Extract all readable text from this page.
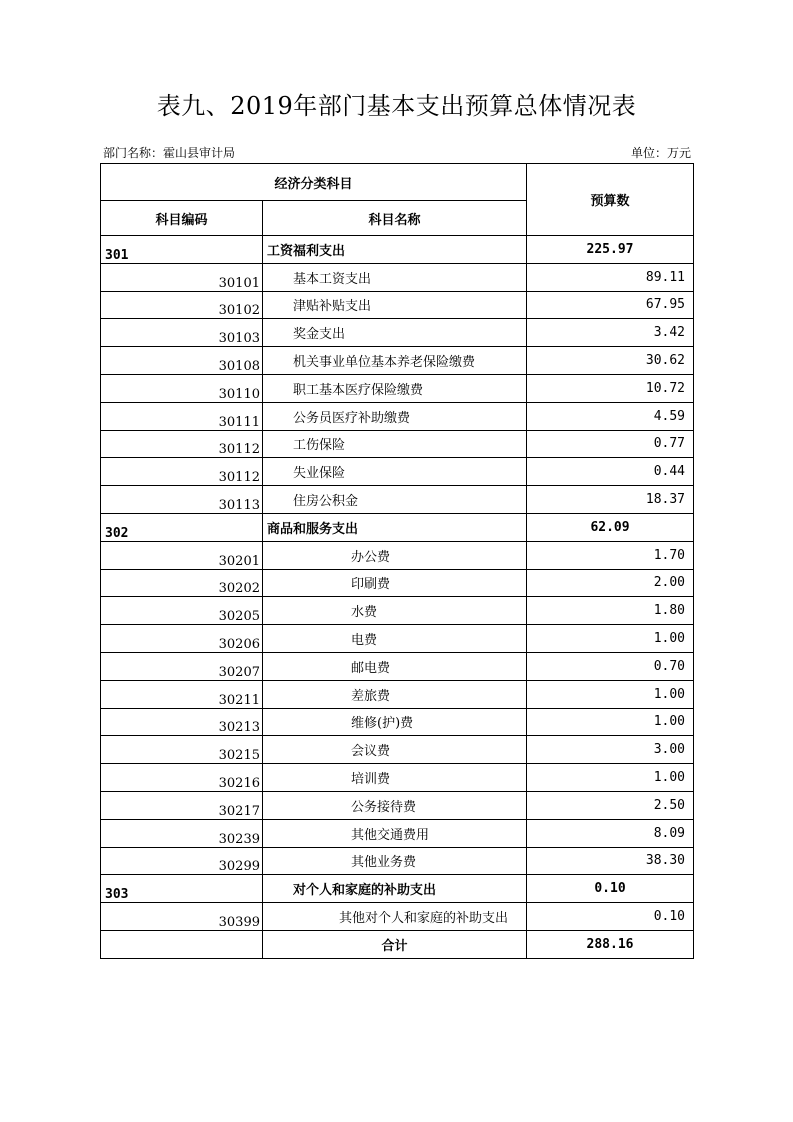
表九、2019年部门基本支出预算总体情况表
部门名称：霍山县审计局	单位：万元
经济分类科目		预算数
科目编码	科目名称	
301	工资福利支出	225.97
30101	基本工资支出	89.11
30102	津贴补贴支出	67.95
30103	奖金支出	3.42
30108	机关事业单位基本养老保险缴费	30.62
30110	职工基本医疗保险缴费	10.72
30111	公务员医疗补助缴费	4.59
30112	工伤保险	0.77
30112	失业保险	0.44
30113	住房公积金	18.37
302	商品和服务支出	62.09
30201	办公费	1.70
30202	印刷费	2.00
30205	水费	1.80
30206	电费	1.00
30207	邮电费	0.70
30211	差旅费	1.00
30213	维修(护)费	1.00
30215	会议费	3.00
30216	培训费	1.00
30217	公务接待费	2.50
30239	其他交通费用	8.09
30299	其他业务费	38.30
303	对个人和家庭的补助支出	0.10
30399	其他对个人和家庭的补助支出	0.10
	合计	288.16
